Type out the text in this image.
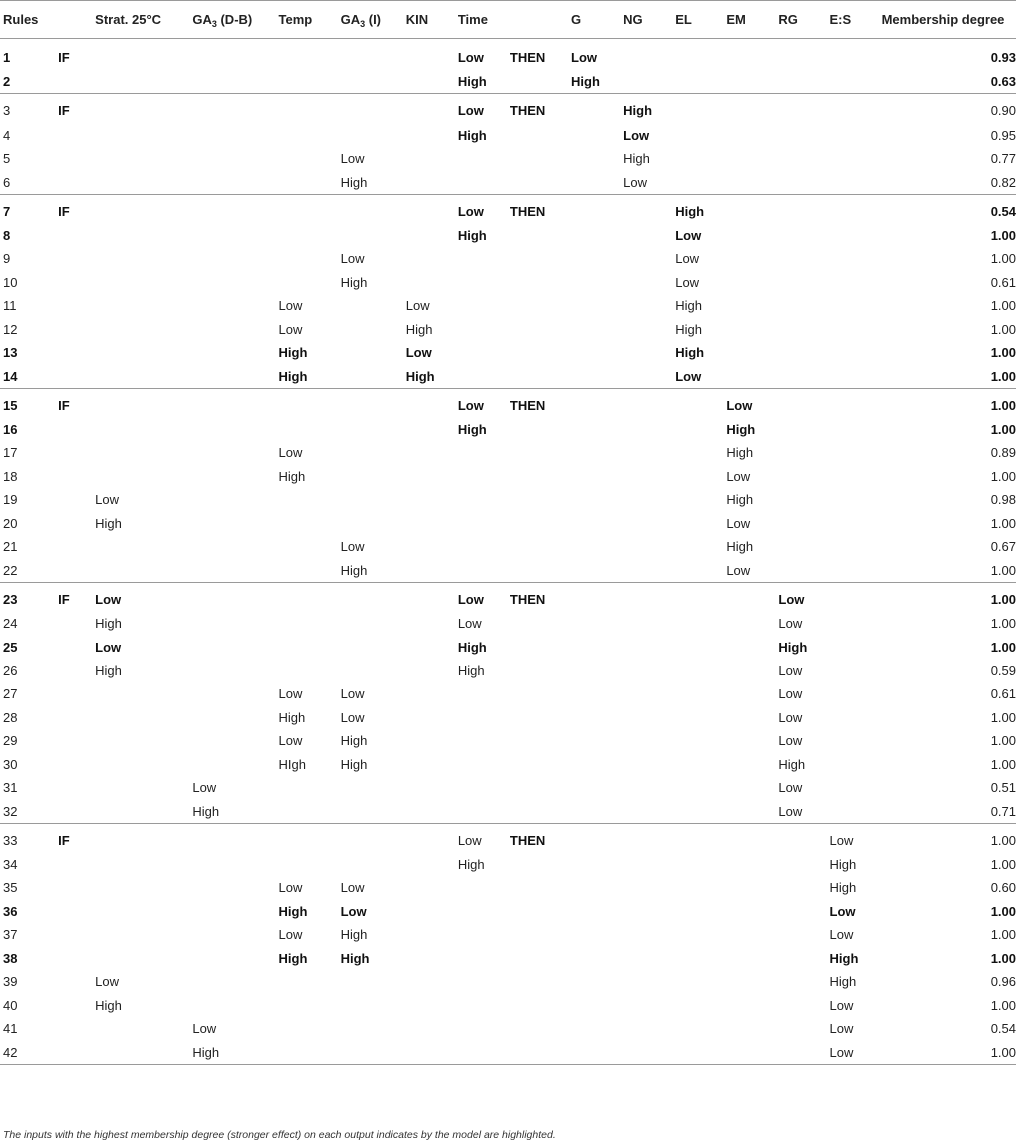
Rules		Strat. 25°C	$GA_3$ (D-B)	Temp	$GA_3$ (I)	KIN	Time		G	NG	EL	EM	RG	E:S	Membership degree
1	IF						Low	THEN	Low						0.93
2							High		High						0.63
3	IF						Low	THEN		High					0.90
4							High			Low					0.95
5					Low					High					0.77
6					High					Low					0.82
7	IF						Low	THEN			High				0.54
8							High				Low				1.00
9					Low						Low				1.00
10					High						Low				0.61
11				Low		Low					High				1.00
12				Low		High					High				1.00
13				High		Low					High				1.00
14				High		High					Low				1.00
15	IF						Low	THEN				Low			1.00
16							High					High			1.00
17				Low								High			0.89
18				High								Low			1.00
19		Low										High			0.98
20		High										Low			1.00
21					Low							High			0.67
22					High							Low			1.00
23	IF	Low					Low	THEN					Low		1.00
24		High					Low						Low		1.00
25		Low					High						High		1.00
26		High					High						Low		0.59
27				Low	Low								Low		0.61
28				High	Low								Low		1.00
29				Low	High								Low		1.00
30				HIgh	High								High		1.00
31			Low										Low		0.51
32			High										Low		0.71
33	IF						Low	THEN						Low	1.00
34							High							High	1.00
35				Low	Low									High	0.60
36				High	Low									Low	1.00
37				Low	High									Low	1.00
38				High	High									High	1.00
39		Low												High	0.96
40		High												Low	1.00
41			Low											Low	0.54
42			High											Low	1.00
The inputs with the highest membership degree (stronger effect) on each output indicates by the model are highlighted.
